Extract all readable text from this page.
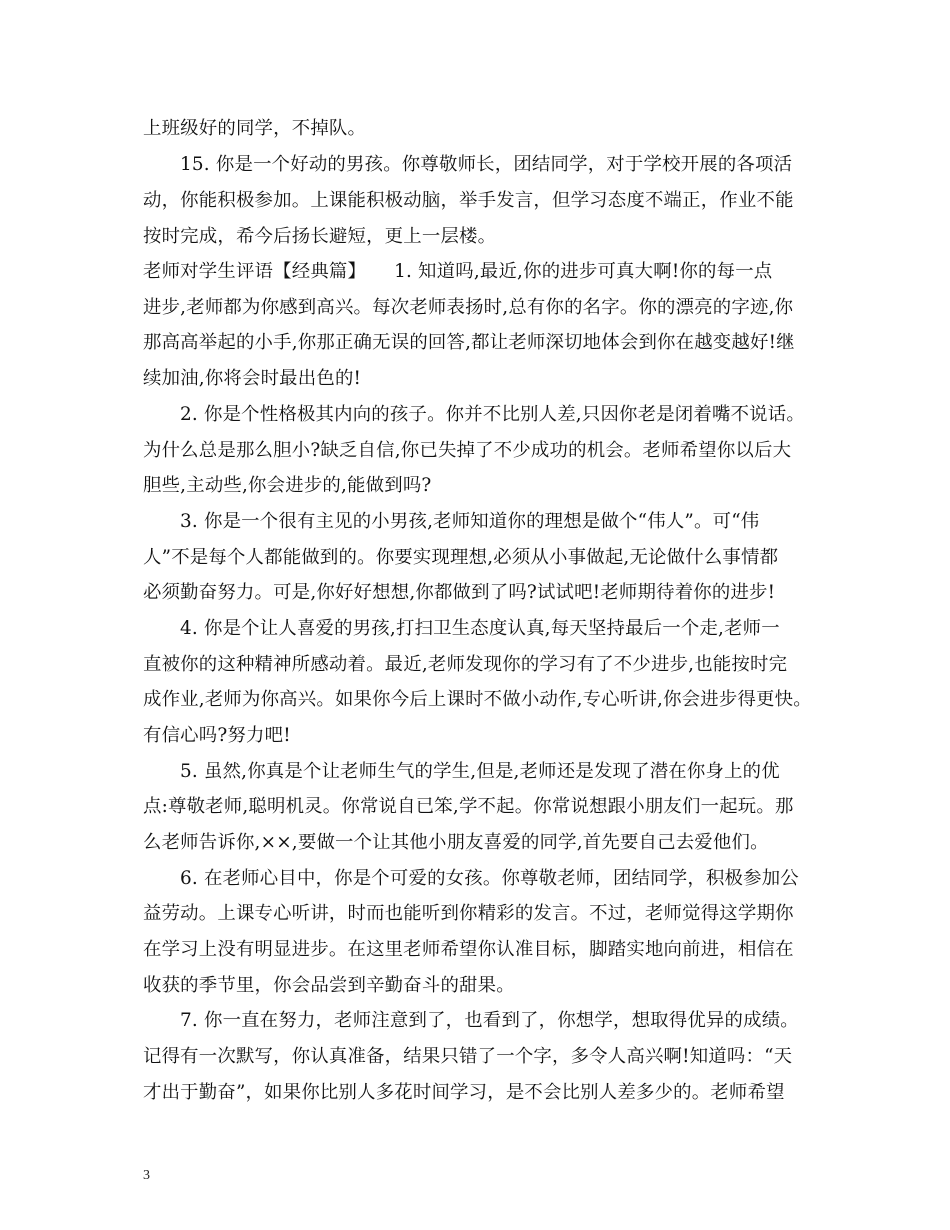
上班级好的同学，不掉队。
15. 你是一个好动的男孩。你尊敬师长，团结同学，对于学校开展的各项活
动，你能积极参加。上课能积极动脑，举手发言，但学习态度不端正，作业不能
按时完成，希今后扬长避短，更上一层楼。
老师对学生评语【经典篇】　　1. 知道吗,最近,你的进步可真大啊!你的每一点
进步,老师都为你感到高兴。每次老师表扬时,总有你的名字。你的漂亮的字迹,你
那高高举起的小手,你那正确无误的回答,都让老师深切地体会到你在越变越好!继
续加油,你将会时最出色的!
2. 你是个性格极其内向的孩子。你并不比别人差,只因你老是闭着嘴不说话。
为什么总是那么胆小?缺乏自信,你已失掉了不少成功的机会。老师希望你以后大
胆些,主动些,你会进步的,能做到吗?
3. 你是一个很有主见的小男孩,老师知道你的理想是做个“伟人”。可“伟
人”不是每个人都能做到的。你要实现理想,必须从小事做起,无论做什么事情都
必须勤奋努力。可是,你好好想想,你都做到了吗?试试吧!老师期待着你的进步!
4. 你是个让人喜爱的男孩,打扫卫生态度认真,每天坚持最后一个走,老师一
直被你的这种精神所感动着。最近,老师发现你的学习有了不少进步,也能按时完
成作业,老师为你高兴。如果你今后上课时不做小动作,专心听讲,你会进步得更快。
有信心吗?努力吧!
5. 虽然,你真是个让老师生气的学生,但是,老师还是发现了潜在你身上的优
点:尊敬老师,聪明机灵。你常说自已笨,学不起。你常说想跟小朋友们一起玩。那
么老师告诉你,××,要做一个让其他小朋友喜爱的同学,首先要自己去爱他们。
6. 在老师心目中，你是个可爱的女孩。你尊敬老师，团结同学，积极参加公
益劳动。上课专心听讲，时而也能听到你精彩的发言。不过，老师觉得这学期你
在学习上没有明显进步。在这里老师希望你认准目标，脚踏实地向前进，相信在
收获的季节里，你会品尝到辛勤奋斗的甜果。
7. 你一直在努力，老师注意到了，也看到了，你想学，想取得优异的成绩。
记得有一次默写，你认真准备，结果只错了一个字，多令人高兴啊!知道吗：“天
才出于勤奋”，如果你比别人多花时间学习，是不会比别人差多少的。老师希望
3
